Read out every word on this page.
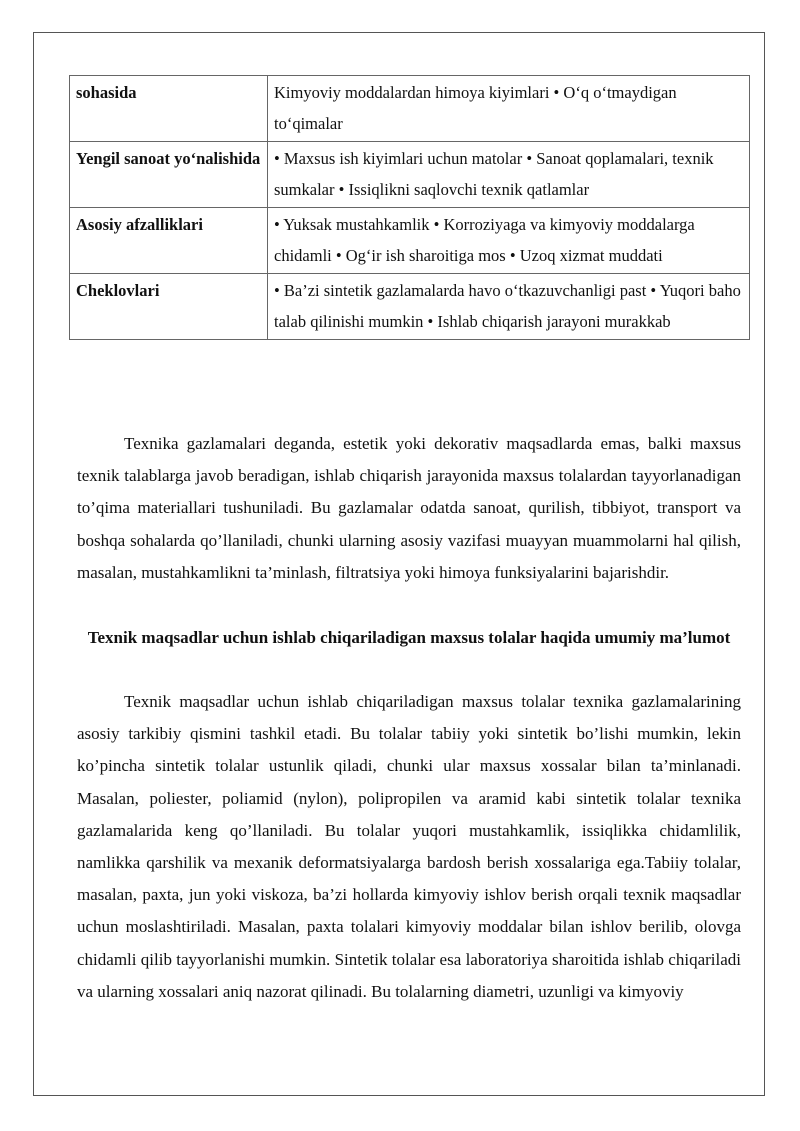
sohasida	Kimyoviy moddalardan himoya kiyimlari • O‘q o‘tmaydigan to‘qimalar
Yengil sanoat yo‘nalishida	• Maxsus ish kiyimlari uchun matolar • Sanoat qoplamalari, texnik sumkalar • Issiqlikni saqlovchi texnik qatlamlar
Asosiy afzalliklari	• Yuksak mustahkamlik • Korroziyaga va kimyoviy moddalarga chidamli • Og‘ir ish sharoitiga mos • Uzoq xizmat muddati
Cheklovlari	• Ba’zi sintetik gazlamalarda havo o‘tkazuvchanligi past • Yuqori baho talab qilinishi mumkin • Ishlab chiqarish jarayoni murakkab

Texnika gazlamalari deganda, estetik yoki dekorativ maqsadlarda emas, balki maxsus texnik talablarga javob beradigan, ishlab chiqarish jarayonida maxsus tolalardan tayyorlanadigan to’qima materiallari tushuniladi. Bu gazlamalar odatda sanoat, qurilish, tibbiyot, transport va boshqa sohalarda qo’llaniladi, chunki ularning asosiy vazifasi muayyan muammolarni hal qilish, masalan, mustahkamlikni ta’minlash, filtratsiya yoki himoya funksiyalarini bajarishdir.

Texnik maqsadlar uchun ishlab chiqariladigan maxsus tolalar haqida umumiy ma’lumot

Texnik maqsadlar uchun ishlab chiqariladigan maxsus tolalar texnika gazlamalarining asosiy tarkibiy qismini tashkil etadi. Bu tolalar tabiiy yoki sintetik bo’lishi mumkin, lekin ko’pincha sintetik tolalar ustunlik qiladi, chunki ular maxsus xossalar bilan ta’minlanadi. Masalan, poliester, poliamid (nylon), polipropilen va aramid kabi sintetik tolalar texnika gazlamalarida keng qo’llaniladi. Bu tolalar yuqori mustahkamlik, issiqlikka chidamlilik, namlikka qarshilik va mexanik deformatsiyalarga bardosh berish xossalariga ega.Tabiiy tolalar, masalan, paxta, jun yoki viskoza, ba’zi hollarda kimyoviy ishlov berish orqali texnik maqsadlar uchun moslashtiriladi. Masalan, paxta tolalari kimyoviy moddalar bilan ishlov berilib, olovga chidamli qilib tayyorlanishi mumkin. Sintetik tolalar esa laboratoriya sharoitida ishlab chiqariladi va ularning xossalari aniq nazorat qilinadi. Bu tolalarning diametri, uzunligi va kimyoviy
